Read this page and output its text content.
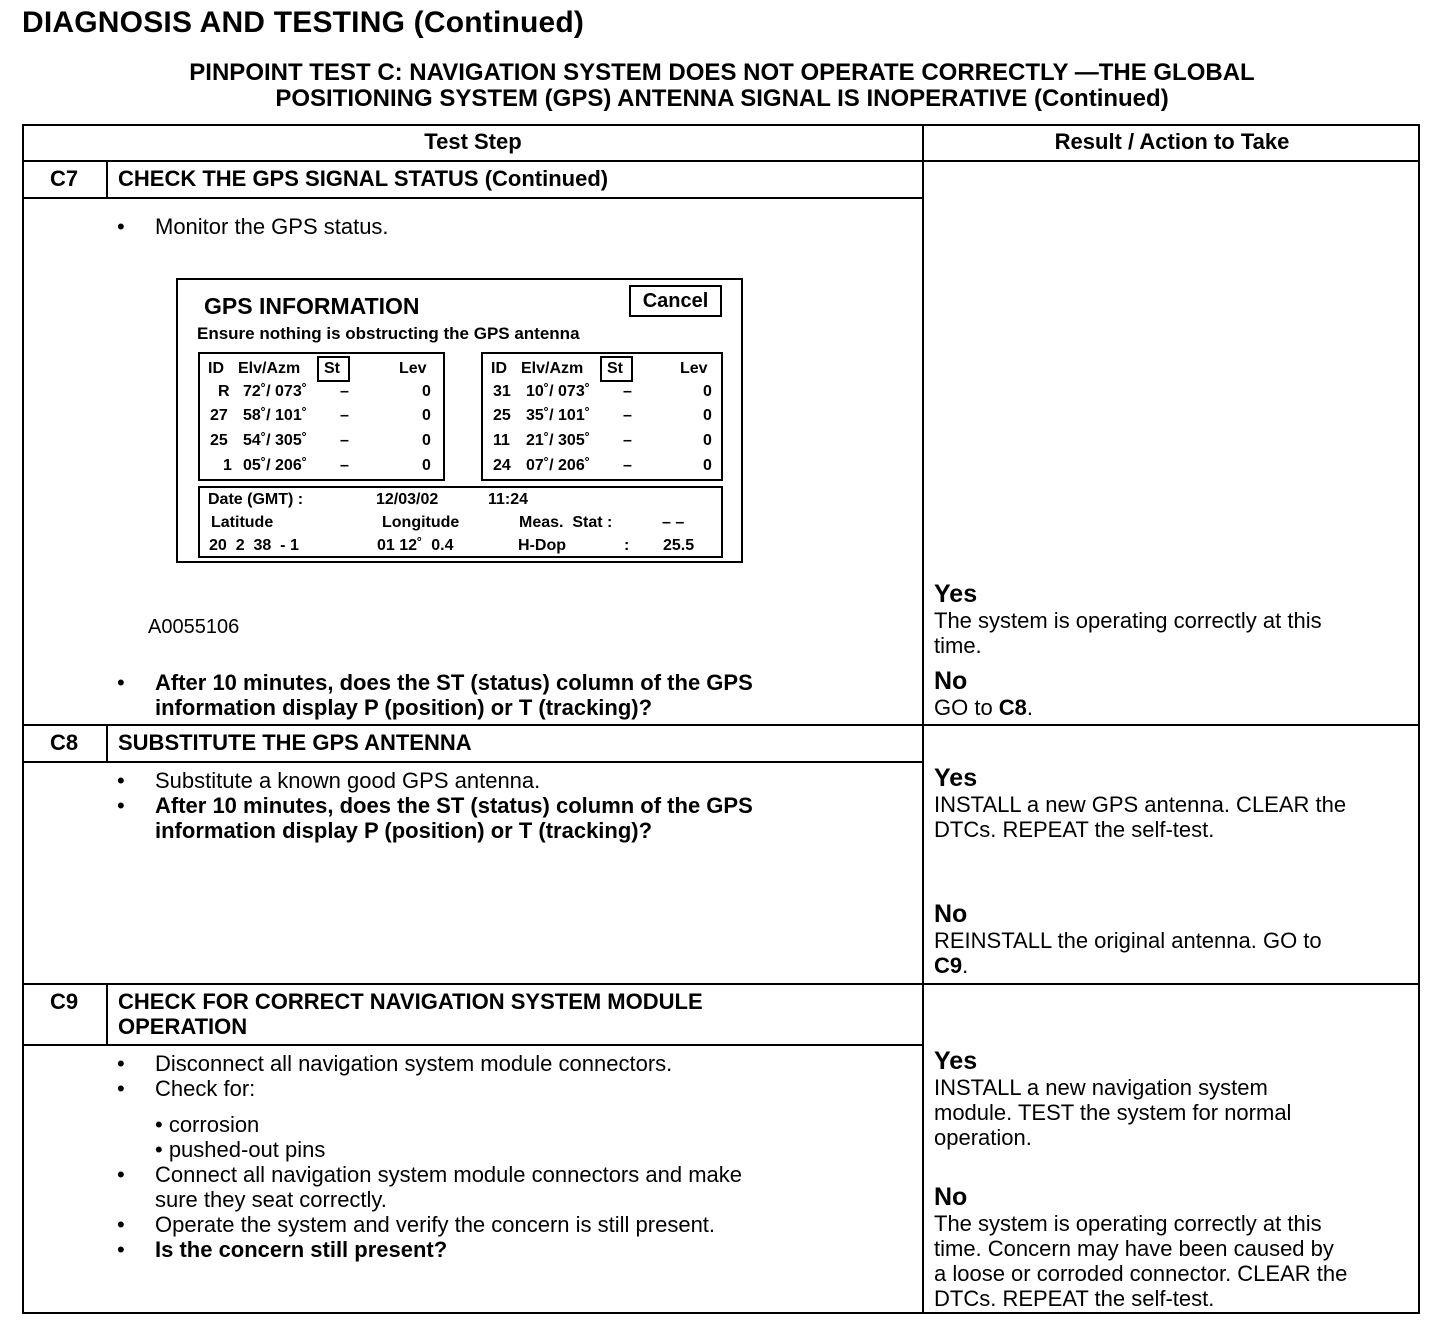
DIAGNOSIS AND TESTING (Continued)
PINPOINT TEST C: NAVIGATION SYSTEM DOES NOT OPERATE CORRECTLY —THE GLOBAL
POSITIONING SYSTEM (GPS) ANTENNA SIGNAL IS INOPERATIVE (Continued)
Test Step	Result / Action to Take
C7	CHECK THE GPS SIGNAL STATUS (Continued)
• Monitor the GPS status.
A0055106
• After 10 minutes, does the ST (status) column of the GPS
information display P (position) or T (tracking)?
Yes
The system is operating correctly at this
time.
No
GO to C8.
C8	SUBSTITUTE THE GPS ANTENNA
• Substitute a known good GPS antenna.
• After 10 minutes, does the ST (status) column of the GPS
information display P (position) or T (tracking)?
Yes
INSTALL a new GPS antenna. CLEAR the
DTCs. REPEAT the self-test.
No
REINSTALL the original antenna. GO to
C9.
C9	CHECK FOR CORRECT NAVIGATION SYSTEM MODULE
OPERATION
• Disconnect all navigation system module connectors.
• Check for:
• corrosion
• pushed-out pins
• Connect all navigation system module connectors and make
sure they seat correctly.
• Operate the system and verify the concern is still present.
• Is the concern still present?
Yes
INSTALL a new navigation system
module. TEST the system for normal
operation.
No
The system is operating correctly at this
time. Concern may have been caused by
a loose or corroded connector. CLEAR the
DTCs. REPEAT the self-test.
GPS INFORMATION	Cancel
Ensure nothing is obstructing the GPS antenna
ID Elv/Azm St	Lev
R 72˚/ 073˚ –	0
27 58˚/ 101˚ –	0
25 54˚/ 305˚ –	0
1 05˚/ 206˚ –	0
ID Elv/Azm St	Lev
31 10˚/ 073˚ –	0
25 35˚/ 101˚ –	0
11 21˚/ 305˚ –	0
24 07˚/ 206˚ –	0
Date (GMT) :	12/03/02	11:24
Latitude	Longitude	Meas.  Stat :	– –
20  2  38  - 1	01 12˚  0.4	H-Dop	: 25.5
